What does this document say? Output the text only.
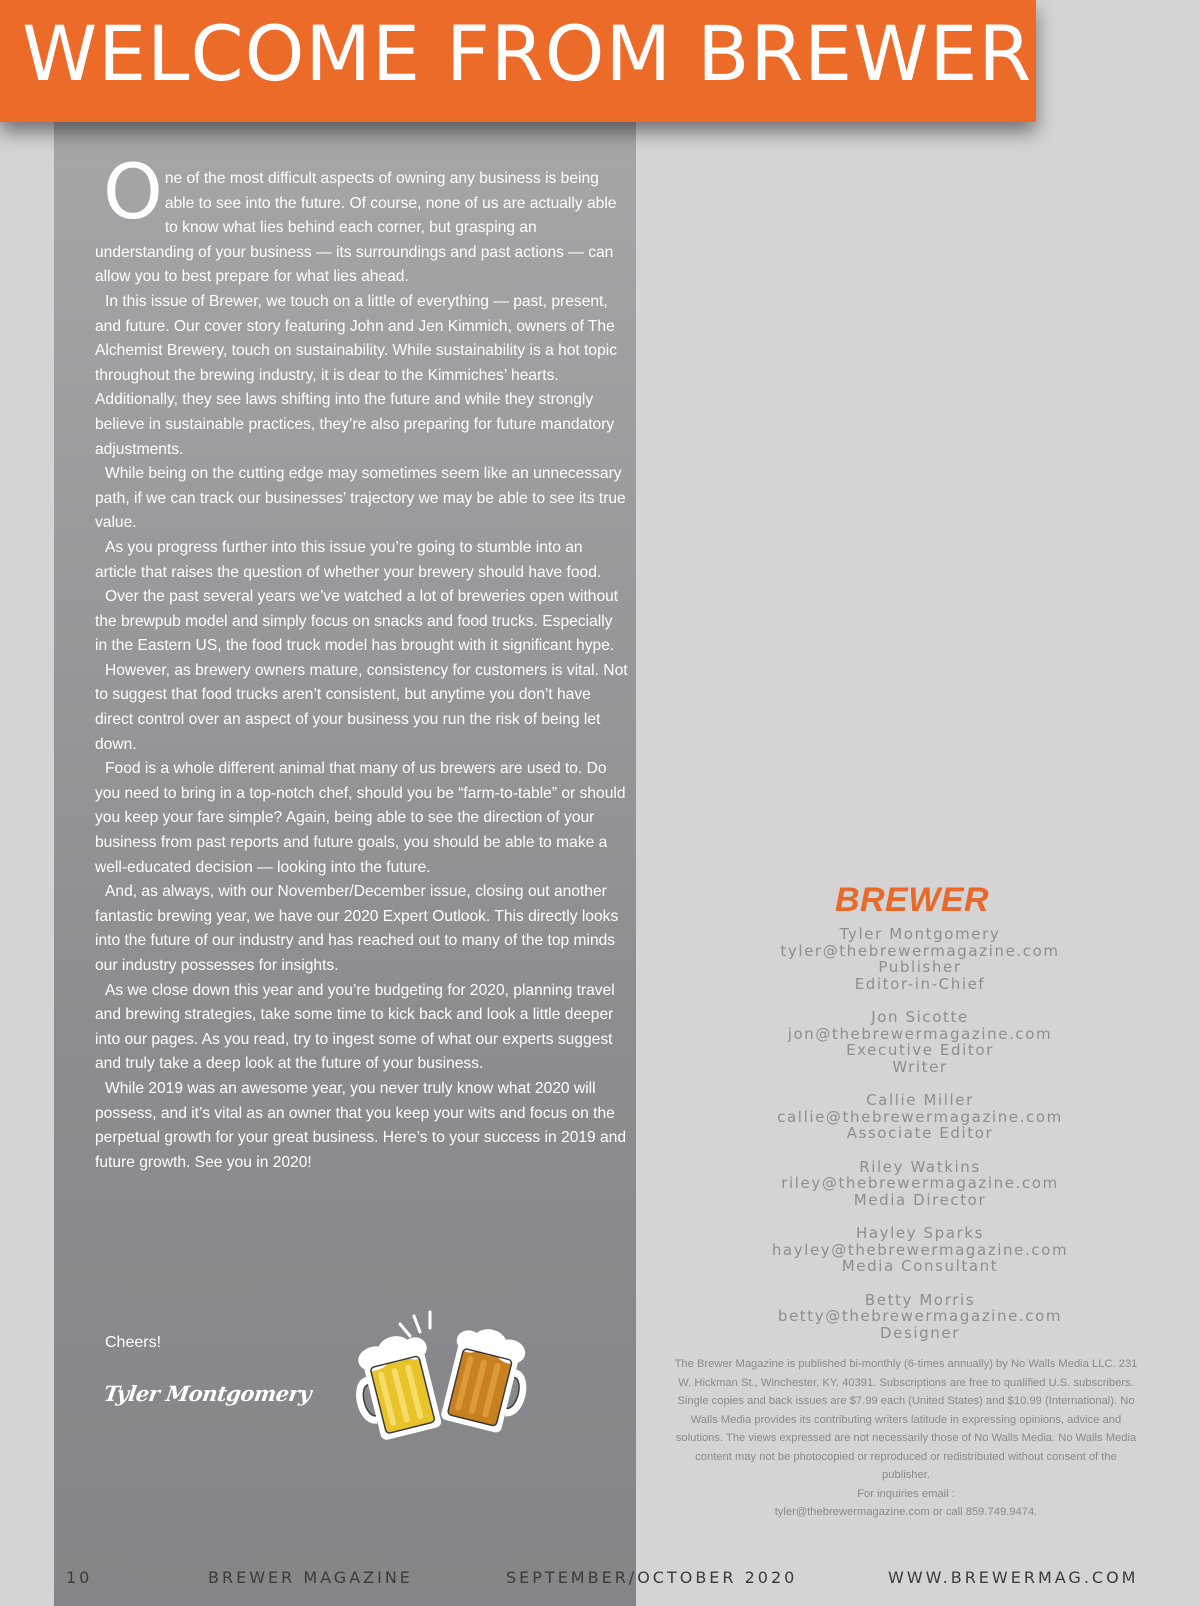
WELCOME FROM BREWER

One of the most difficult aspects of owning any business is being able to see into the future. Of course, none of us are actually able to know what lies behind each corner, but grasping an understanding of your business — its surroundings and past actions — can allow you to best prepare for what lies ahead.

In this issue of Brewer, we touch on a little of everything — past, present, and future. Our cover story featuring John and Jen Kimmich, owners of The Alchemist Brewery, touch on sustainability. While sustainability is a hot topic throughout the brewing industry, it is dear to the Kimmiches’ hearts. Additionally, they see laws shifting into the future and while they strongly believe in sustainable practices, they’re also preparing for future mandatory adjustments.

While being on the cutting edge may sometimes seem like an unnecessary path, if we can track our businesses’ trajectory we may be able to see its true value.

As you progress further into this issue you’re going to stumble into an article that raises the question of whether your brewery should have food.

Over the past several years we’ve watched a lot of breweries open without the brewpub model and simply focus on snacks and food trucks. Especially in the Eastern US, the food truck model has brought with it significant hype.

However, as brewery owners mature, consistency for customers is vital. Not to suggest that food trucks aren’t consistent, but anytime you don’t have direct control over an aspect of your business you run the risk of being let down.

Food is a whole different animal that many of us brewers are used to. Do you need to bring in a top-notch chef, should you be “farm-to-table” or should you keep your fare simple? Again, being able to see the direction of your business from past reports and future goals, you should be able to make a well-educated decision — looking into the future.

And, as always, with our November/December issue, closing out another fantastic brewing year, we have our 2020 Expert Outlook. This directly looks into the future of our industry and has reached out to many of the top minds our industry possesses for insights.

As we close down this year and you’re budgeting for 2020, planning travel and brewing strategies, take some time to kick back and look a little deeper into our pages. As you read, try to ingest some of what our experts suggest and truly take a deep look at the future of your business.

While 2019 was an awesome year, you never truly know what 2020 will possess, and it’s vital as an owner that you keep your wits and focus on the perpetual growth for your great business. Here’s to your success in 2019 and future growth. See you in 2020!

Cheers!
Tyler Montgomery
BREWER
Tyler Montgomery
tyler@thebrewermagazine.com
Publisher
Editor-in-Chief
Jon Sicotte
jon@thebrewermagazine.com
Executive Editor
Writer
Callie Miller
callie@thebrewermagazine.com
Associate Editor
Riley Watkins
riley@thebrewermagazine.com
Media Director
Hayley Sparks
hayley@thebrewermagazine.com
Media Consultant
Betty Morris
betty@thebrewermagazine.com
Designer
The Brewer Magazine is published bi-monthly (6-times annually) by No Walls Media LLC. 231 W. Hickman St., Winchester, KY. 40391. Subscriptions are free to qualified U.S. subscribers. Single copies and back issues are $7.99 each (United States) and $10.99 (International). No Walls Media provides its contributing writers latitude in expressing opinions, advice and solutions. The views expressed are not necessarily those of No Walls Media. No Walls Media content may not be photocopied or reproduced or redistributed without consent of the publisher.
For inquiries email :
tyler@thebrewermagazine.com or call 859.749.9474.
10	BREWER MAGAZINE	SEPTEMBER/OCTOBER 2020	WWW.BREWERMAG.COM
